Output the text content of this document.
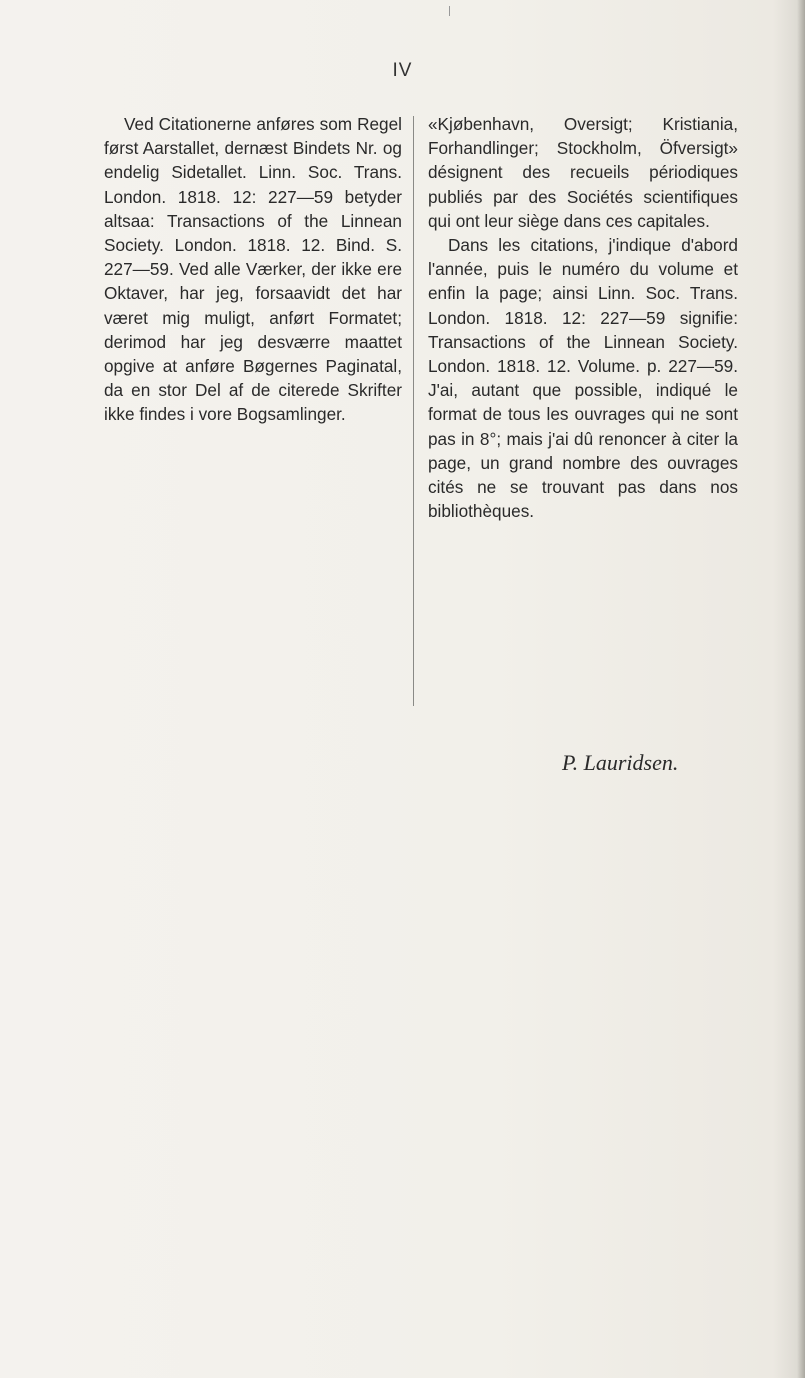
IV

Ved Citationerne anføres som Regel først Aarstallet, dernæst Bindets Nr. og endelig Sidetallet. Linn. Soc. Trans. London. 1818. 12: 227—59 betyder altsaa: Transactions of the Linnean Society. London. 1818. 12. Bind. S. 227—59. Ved alle Værker, der ikke ere Oktaver, har jeg, forsaavidt det har været mig muligt, anført Formatet; derimod har jeg desværre maattet opgive at anføre Bøgernes Paginatal, da en stor Del af de citerede Skrifter ikke findes i vore Bogsamlinger.

«Kjøbenhavn, Oversigt; Kristiania, Forhandlinger; Stockholm, Öfversigt» désignent des recueils périodiques publiés par des Sociétés scientifiques qui ont leur siège dans ces capitales.

Dans les citations, j'indique d'abord l'année, puis le numéro du volume et enfin la page; ainsi Linn. Soc. Trans. London. 1818. 12: 227—59 signifie: Transactions of the Linnean Society. London. 1818. 12. Volume. p. 227—59. J'ai, autant que possible, indiqué le format de tous les ouvrages qui ne sont pas in 8°; mais j'ai dû renoncer à citer la page, un grand nombre des ouvrages cités ne se trouvant pas dans nos bibliothèques.

P. Lauridsen.
